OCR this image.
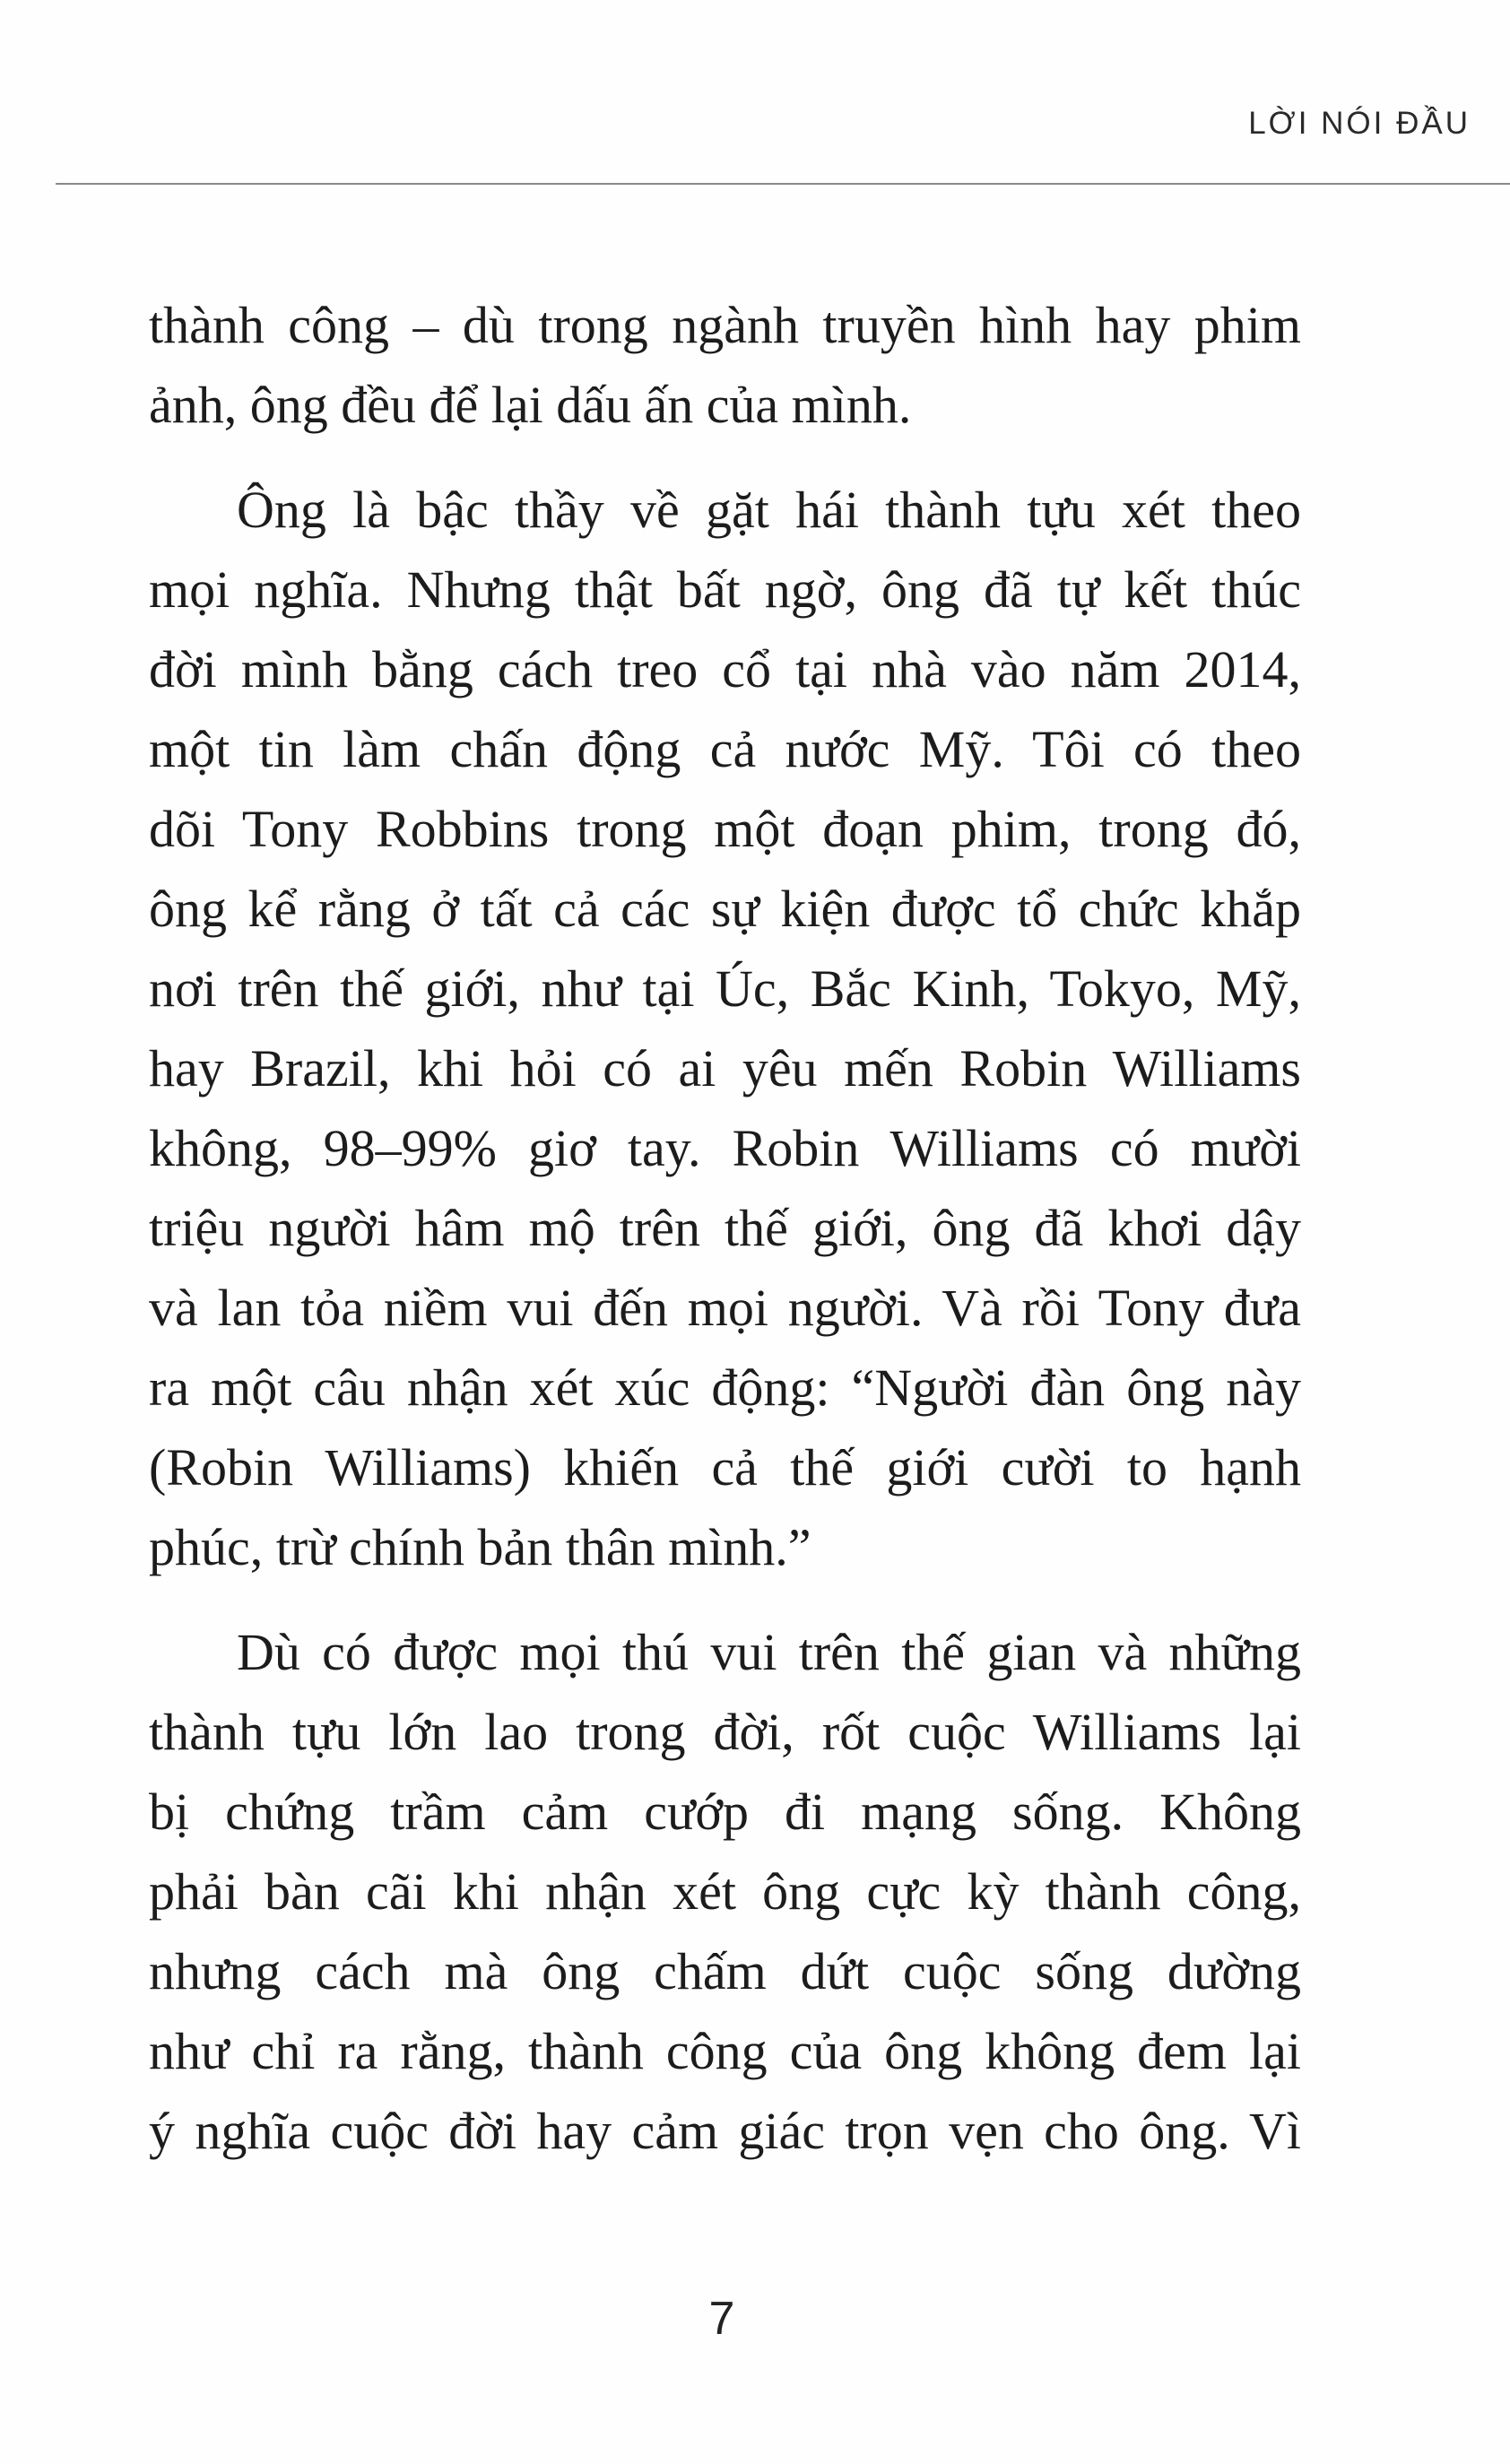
LỜI NÓI ĐẦU

thành công – dù trong ngành truyền hình hay phim
ảnh, ông đều để lại dấu ấn của mình.

Ông là bậc thầy về gặt hái thành tựu xét theo
mọi nghĩa. Nhưng thật bất ngờ, ông đã tự kết thúc
đời mình bằng cách treo cổ tại nhà vào năm 2014,
một tin làm chấn động cả nước Mỹ. Tôi có theo
dõi Tony Robbins trong một đoạn phim, trong đó,
ông kể rằng ở tất cả các sự kiện được tổ chức khắp
nơi trên thế giới, như tại Úc, Bắc Kinh, Tokyo, Mỹ,
hay Brazil, khi hỏi có ai yêu mến Robin Williams
không, 98–99% giơ tay. Robin Williams có mười
triệu người hâm mộ trên thế giới, ông đã khơi dậy
và lan tỏa niềm vui đến mọi người. Và rồi Tony đưa
ra một câu nhận xét xúc động: “Người đàn ông này
(Robin Williams) khiến cả thế giới cười to hạnh
phúc, trừ chính bản thân mình.”

Dù có được mọi thú vui trên thế gian và những
thành tựu lớn lao trong đời, rốt cuộc Williams lại
bị chứng trầm cảm cướp đi mạng sống. Không
phải bàn cãi khi nhận xét ông cực kỳ thành công,
nhưng cách mà ông chấm dứt cuộc sống dường
như chỉ ra rằng, thành công của ông không đem lại
ý nghĩa cuộc đời hay cảm giác trọn vẹn cho ông. Vì

7
